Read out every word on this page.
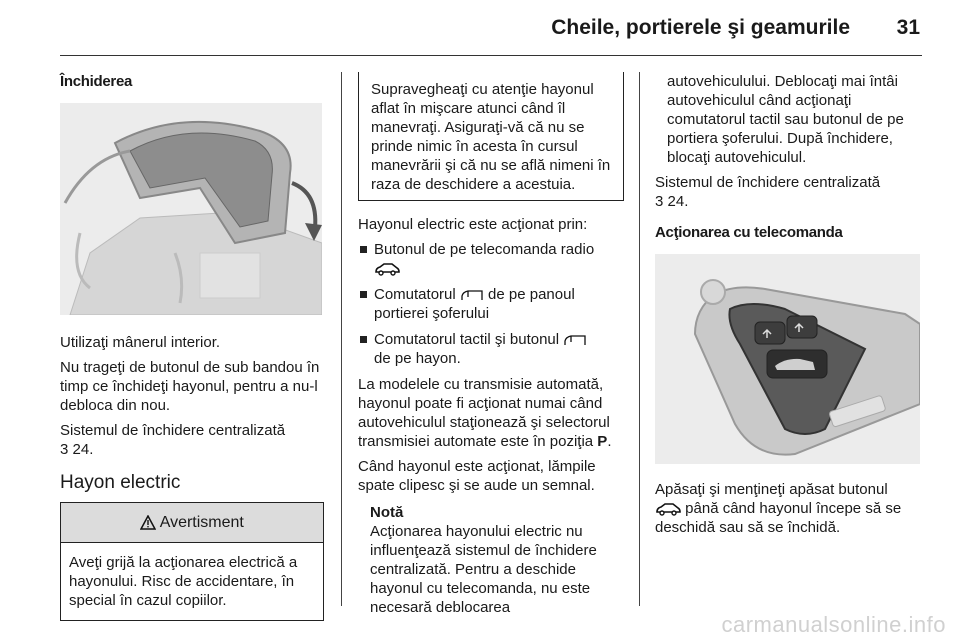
Cheile, portierele şi geamurile 31
Închiderea

Utilizaţi mânerul interior.

Nu trageţi de butonul de sub bandou în timp ce închideţi hayonul, pentru a nu-l debloca din nou.

Sistemul de închidere centralizată
3 24.

Hayon electric
Avertisment
Aveţi grijă la acţionarea electrică a hayonului. Risc de accidentare, în special în cazul copiilor.
Supravegheaţi cu atenţie hayonul aflat în mişcare atunci când îl manevraţi. Asiguraţi-vă că nu se prinde nimic în acesta în cursul manevrării şi că nu se află nimeni în raza de deschidere a acestuia.

Hayonul electric este acţionat prin:

Butonul de pe telecomanda radio

Comutatorul de pe panoul portierei şoferului
Comutatorul tactil şi butonul
de pe hayon.

La modelele cu transmisie automată, hayonul poate fi acţionat numai când autovehiculul staţionează şi selectorul transmisiei automate este în poziţia P.

Când hayonul este acţionat, lămpile spate clipesc şi se aude un semnal.

Notă
Acţionarea hayonului electric nu influenţează sistemul de închidere centralizată. Pentru a deschide hayonul cu telecomanda, nu este necesară deblocarea

autovehiculului. Deblocaţi mai întâi autovehiculul când acţionaţi comutatorul tactil sau butonul de pe portiera şoferului. După închidere, blocaţi autovehiculul.

Sistemul de închidere centralizată
3 24.

Acţionarea cu telecomanda

Apăsaţi şi menţineţi apăsat butonul
până când hayonul începe să se deschidă sau să se închidă.

carmanualsonline.info
